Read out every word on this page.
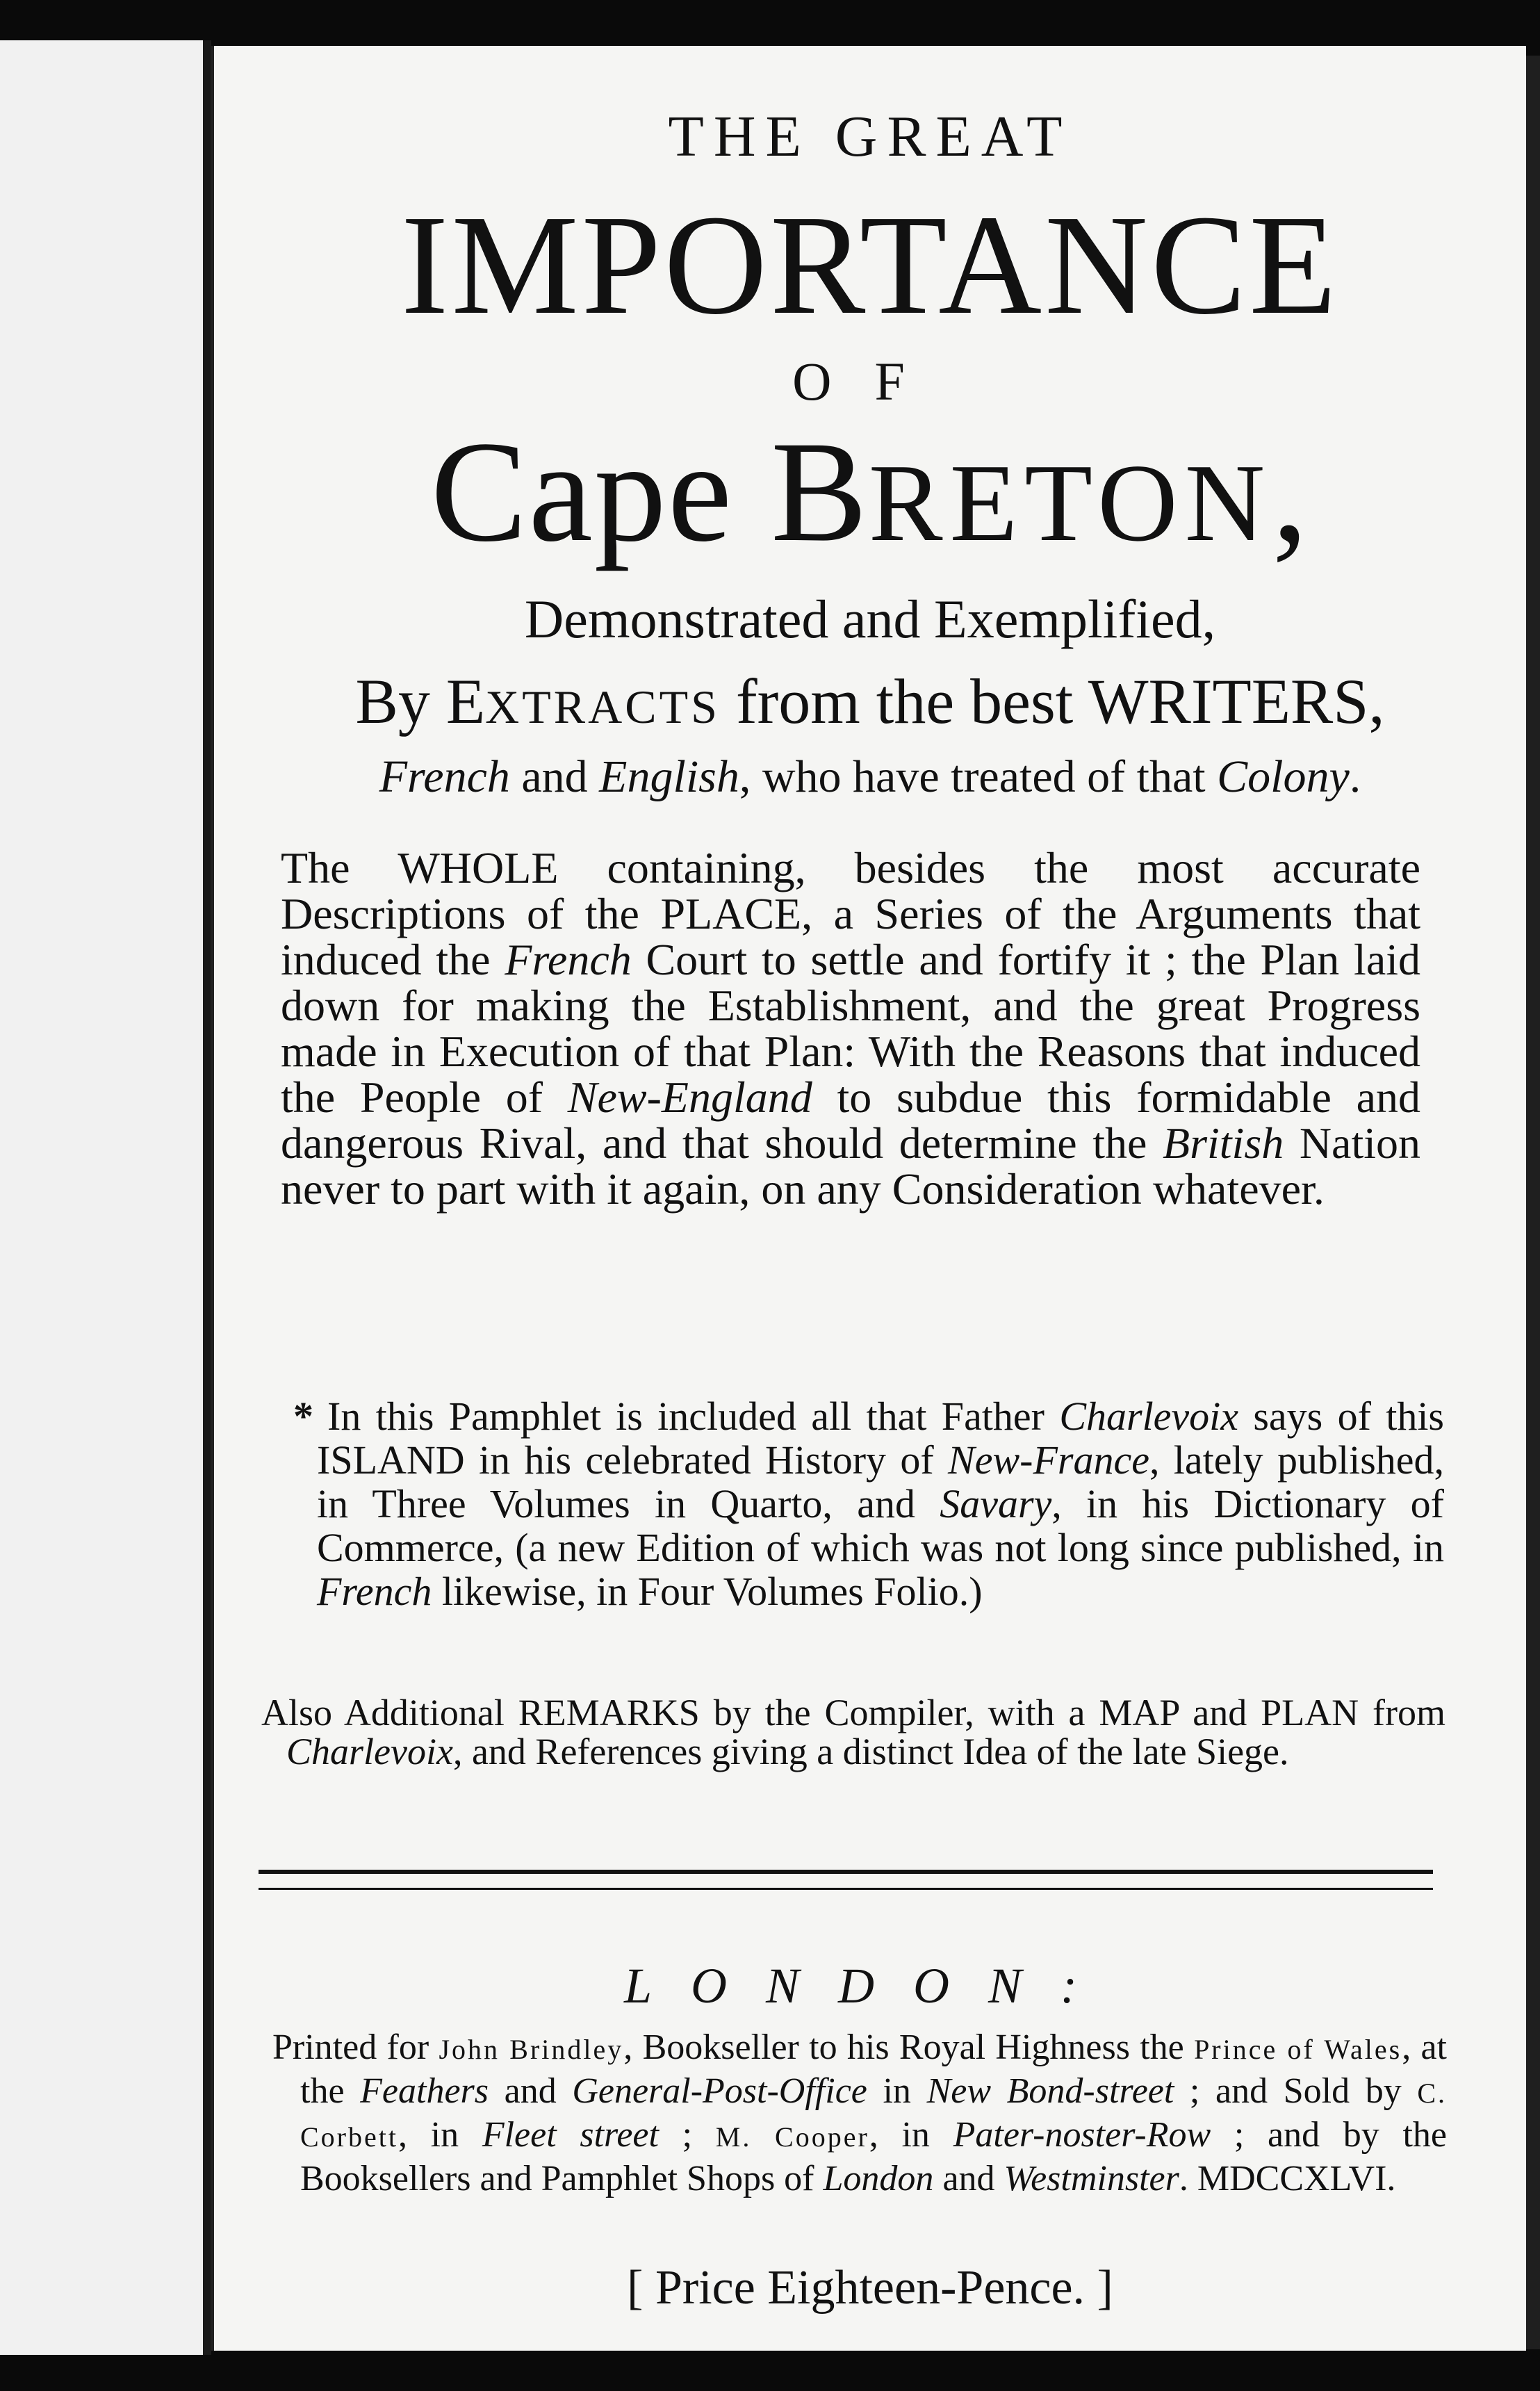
THE GREAT
IMPORTANCE
OF
Cape BRETON,
Demonstrated and Exemplified,
By EXTRACTS from the best WRITERS,
French and English, who have treated of that Colony.
The WHOLE containing, besides the most accurate Descriptions of the PLACE, a Series of the Arguments that induced the French Court to settle and fortify it ; the Plan laid down for making the Establishment, and the great Progress made in Execution of that Plan: With the Reasons that induced the People of New-England to subdue this formidable and dangerous Rival, and that should determine the British Nation never to part with it again, on any Consideration whatever.
* In this Pamphlet is included all that Father Charlevoix says of this ISLAND in his celebrated History of New-France, lately published, in Three Volumes in Quarto, and Savary, in his Dictionary of Commerce, (a new Edition of which was not long since published, in French likewise, in Four Volumes Folio.)
Also Additional REMARKS by the Compiler, with a MAP and PLAN from Charlevoix, and References giving a distinct Idea of the late Siege.
LONDON:
Printed for John Brindley, Bookseller to his Royal Highness the Prince of Wales, at the Feathers and General-Post-Office in New Bond-street ; and Sold by C. Corbett, in Fleet street ; M. Cooper, in Pater-noster-Row ; and by the Booksellers and Pamphlet Shops of London and Westminster. MDCCXLVI.
[ Price Eighteen-Pence. ]
